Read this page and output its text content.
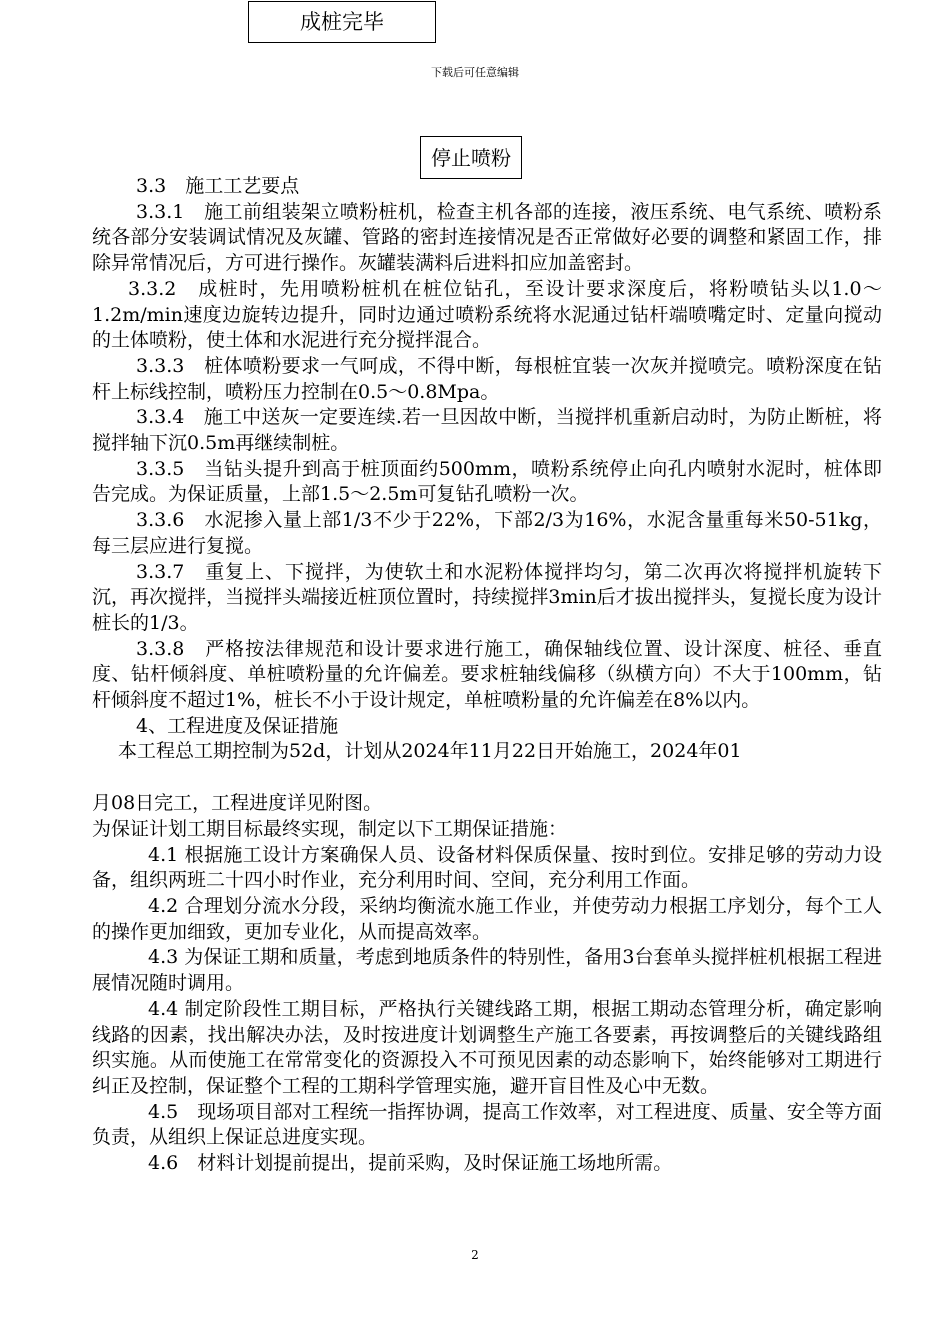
成桩完毕
下载后可任意编辑
停止喷粉

3.3　施工工艺要点

3.3.1　施工前组装架立喷粉桩机，检查主机各部的连接，液压系统、电气系统、喷粉系统各部分安装调试情况及灰罐、管路的密封连接情况是否正常做好必要的调整和紧固工作，排除异常情况后，方可进行操作。灰罐装满料后进料扣应加盖密封。

3.3.2　成桩时，先用喷粉桩机在桩位钻孔，至设计要求深度后，将粉喷钻头以1.0～1.2m/min速度边旋转边提升，同时边通过喷粉系统将水泥通过钻杆端喷嘴定时、定量向搅动的土体喷粉，使土体和水泥进行充分搅拌混合。

3.3.3　桩体喷粉要求一气呵成，不得中断，每根桩宜装一次灰并搅喷完。喷粉深度在钻杆上标线控制，喷粉压力控制在0.5～0.8Mpa。

3.3.4　施工中送灰一定要连续.若一旦因故中断，当搅拌机重新启动时，为防止断桩，将搅拌轴下沉0.5m再继续制桩。

3.3.5　当钻头提升到高于桩顶面约500mm，喷粉系统停止向孔内喷射水泥时，桩体即告完成。为保证质量，上部1.5～2.5m可复钻孔喷粉一次。

3.3.6　水泥掺入量上部1/3不少于22%，下部2/3为16%，水泥含量重每米50-51kg，每三层应进行复搅。

3.3.7　重复上、下搅拌，为使软土和水泥粉体搅拌均匀，第二次再次将搅拌机旋转下沉，再次搅拌，当搅拌头端接近桩顶位置时，持续搅拌3min后才拔出搅拌头，复搅长度为设计桩长的1/3。

3.3.8　严格按法律规范和设计要求进行施工，确保轴线位置、设计深度、桩径、垂直度、钻杆倾斜度、单桩喷粉量的允许偏差。要求桩轴线偏移（纵横方向）不大于100mm，钻杆倾斜度不超过1%，桩长不小于设计规定，单桩喷粉量的允许偏差在8%以内。

4、工程进度及保证措施

本工程总工期控制为52d，计划从2024年11月22日开始施工，2024年01

月08日完工，工程进度详见附图。

为保证计划工期目标最终实现，制定以下工期保证措施：

4.1 根据施工设计方案确保人员、设备材料保质保量、按时到位。安排足够的劳动力设备，组织两班二十四小时作业，充分利用时间、空间，充分利用工作面。

4.2 合理划分流水分段，采纳均衡流水施工作业，并使劳动力根据工序划分，每个工人的操作更加细致，更加专业化，从而提高效率。

4.3 为保证工期和质量，考虑到地质条件的特别性，备用3台套单头搅拌桩机根据工程进展情况随时调用。

4.4 制定阶段性工期目标，严格执行关键线路工期，根据工期动态管理分析，确定影响线路的因素，找出解决办法，及时按进度计划调整生产施工各要素，再按调整后的关键线路组织实施。从而使施工在常常变化的资源投入不可预见因素的动态影响下，始终能够对工期进行纠正及控制，保证整个工程的工期科学管理实施，避开盲目性及心中无数。

4.5　现场项目部对工程统一指挥协调，提高工作效率，对工程进度、质量、安全等方面负责，从组织上保证总进度实现。

4.6　材料计划提前提出，提前采购，及时保证施工场地所需。

2
